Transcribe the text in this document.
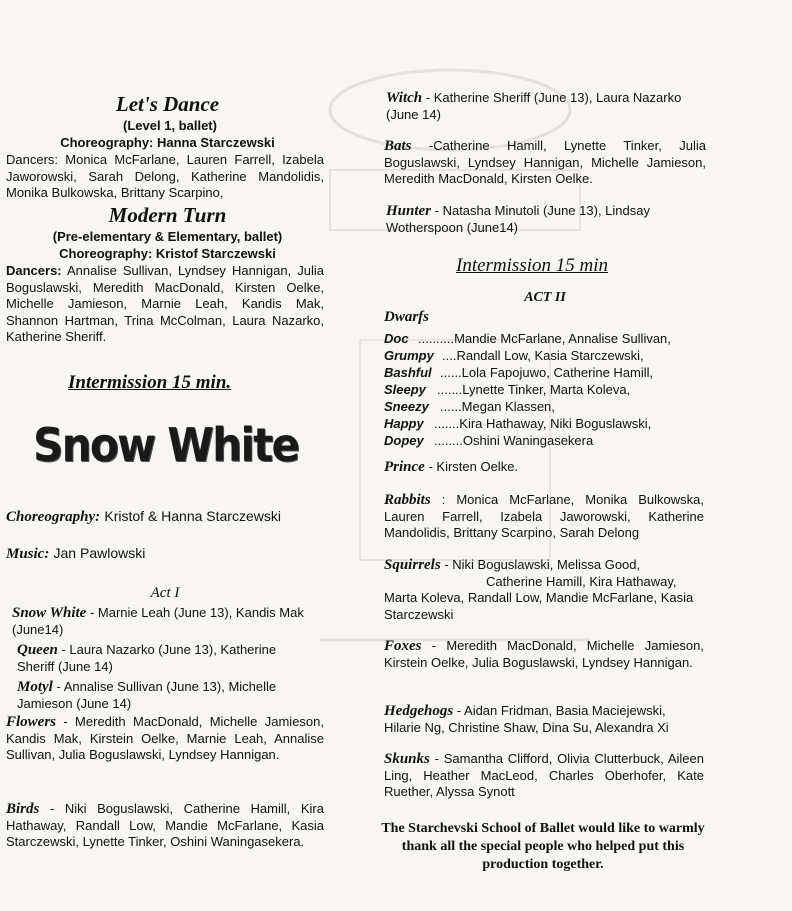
Let's Dance
(Level 1, ballet)
Choreography: Hanna Starczewski
Dancers: Monica McFarlane, Lauren Farrell, Izabela Jaworowski, Sarah Delong, Katherine Mandolidis, Monika Bulkowska, Brittany Scarpino,
Modern Turn
(Pre-elementary & Elementary, ballet)
Choreography: Kristof Starczewski
Dancers: Annalise Sullivan, Lyndsey Hannigan, Julia Boguslawski, Meredith MacDonald, Kirsten Oelke, Michelle Jamieson, Marnie Leah, Kandis Mak, Shannon Hartman, Trina McColman, Laura Nazarko, Katherine Sheriff.
Intermission 15 min.
Snow White
Choreography: Kristof & Hanna Starczewski
Music: Jan Pawlowski
Act I
Snow White - Marnie Leah (June 13), Kandis Mak (June14)
Queen - Laura Nazarko (June 13), Katherine Sheriff (June 14)
Motyl - Annalise Sullivan (June 13), Michelle Jamieson (June 14)
Flowers - Meredith MacDonald, Michelle Jamieson, Kandis Mak, Kirstein Oelke, Marnie Leah, Annalise Sullivan, Julia Boguslawski, Lyndsey Hannigan.
Birds - Niki Boguslawski, Catherine Hamill, Kira Hathaway, Randall Low, Mandie McFarlane, Kasia Starczewski, Lynette Tinker, Oshini Waningasekera.
Witch - Katherine Sheriff (June 13), Laura Nazarko (June 14)
Bats -Catherine Hamill, Lynette Tinker, Julia Boguslawski, Lyndsey Hannigan, Michelle Jamieson, Meredith MacDonald, Kirsten Oelke.
Hunter - Natasha Minutoli (June 13), Lindsay Wotherspoon (June14)
Intermission 15 min
ACT II
Dwarfs
Doc ..........Mandie McFarlane, Annalise Sullivan,
Grumpy ....Randall Low, Kasia Starczewski,
Bashful ......Lola Fapojuwo, Catherine Hamill,
Sleepy .......Lynette Tinker, Marta Koleva,
Sneezy ......Megan Klassen,
Happy .......Kira Hathaway, Niki Boguslawski,
Dopey ........Oshini Waningasekera
Prince - Kirsten Oelke.
Rabbits : Monica McFarlane, Monika Bulkowska, Lauren Farrell, Izabela Jaworowski, Katherine Mandolidis, Brittany Scarpino, Sarah Delong
Squirrels - Niki Boguslawski, Melissa Good,
Catherine Hamill, Kira Hathaway,
Marta Koleva, Randall Low, Mandie McFarlane, Kasia Starczewski
Foxes - Meredith MacDonald, Michelle Jamieson, Kirstein Oelke, Julia Boguslawski, Lyndsey Hannigan.
Hedgehogs - Aidan Fridman, Basia Maciejewski, Hilarie Ng, Christine Shaw, Dina Su, Alexandra Xi
Skunks - Samantha Clifford, Olivia Clutterbuck, Aileen Ling, Heather MacLeod, Charles Oberhofer, Kate Ruether, Alyssa Synott
The Starchevski School of Ballet would like to warmly thank all the special people who helped put this production together.
